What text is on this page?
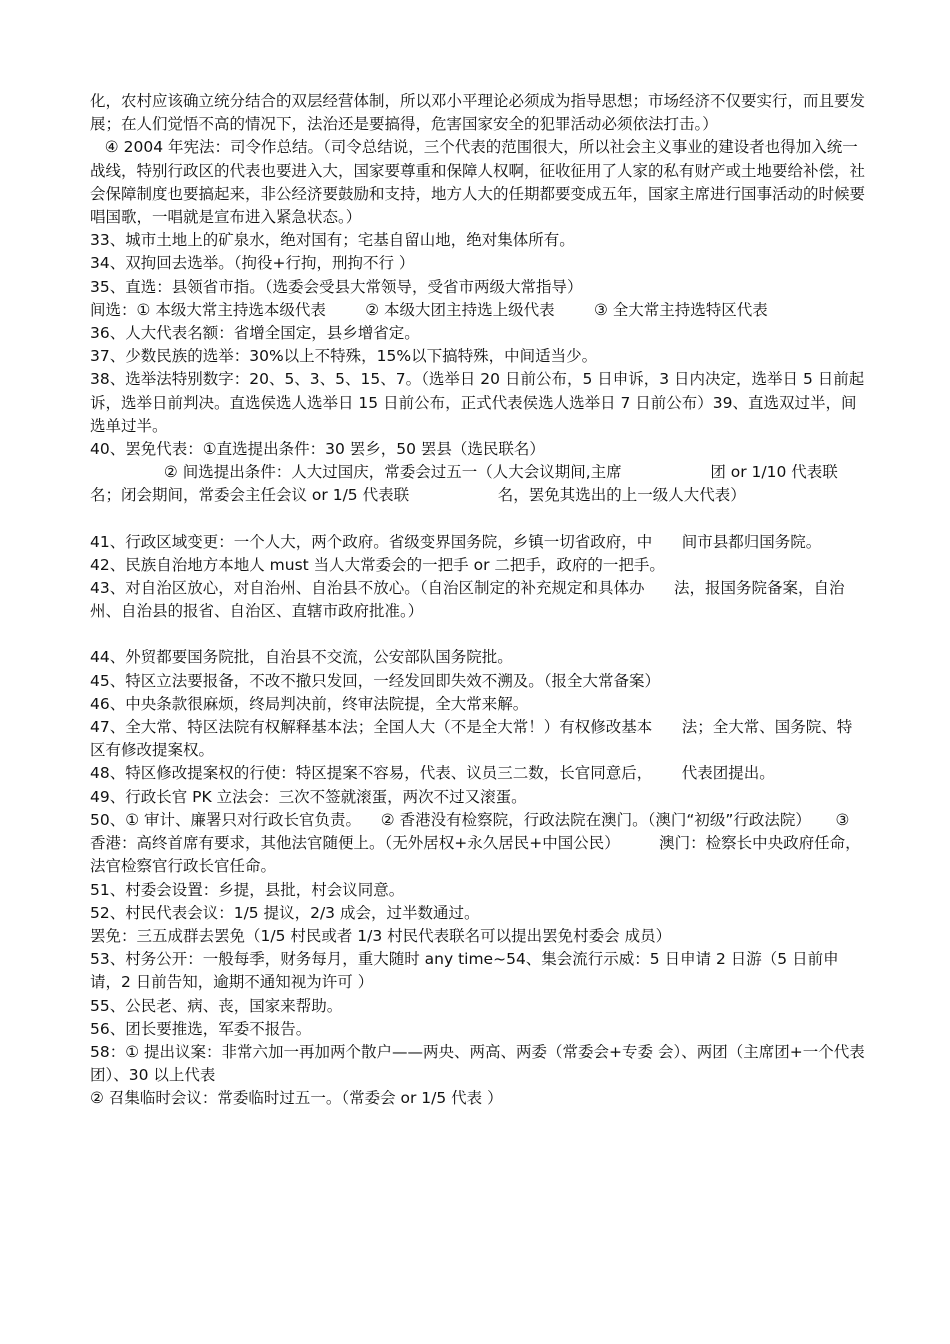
化，农村应该确立统分结合的双层经营体制，所以邓小平理论必须成为指导思想；市场经济不仅要实行，而且要发展；在人们觉悟不高的情况下，法治还是要搞得，危害国家安全的犯罪活动必须依法打击。）

④ 2004 年宪法：司令作总结。（司令总结说，三个代表的范围很大，所以社会主义事业的建设者也得加入统一战线，特别行政区的代表也要进入大，国家要尊重和保障人权啊，征收征用了人家的私有财产或土地要给补偿，社会保障制度也要搞起来，非公经济要鼓励和支持，地方人大的任期都要变成五年，国家主席进行国事活动的时候要唱国歌，一唱就是宣布进入紧急状态。）

33、城市土地上的矿泉水，绝对国有；宅基自留山地，绝对集体所有。

34、双拘回去选举。（拘役+行拘，刑拘不行 ）

35、直选：县领省市指。（选委会受县大常领导，受省市两级大常指导）

间选：① 本级大常主持选本级代表        ② 本级大团主持选上级代表        ③ 全大常主持选特区代表

36、人大代表名额：省增全国定，县乡增省定。

37、少数民族的选举：30%以上不特殊，15%以下搞特殊，中间适当少。

38、选举法特别数字：20、5、3、5、15、7。（选举日 20 日前公布，5 日申诉，3 日内决定，选举日 5 日前起诉，选举日前判决。直选侯选人选举日 15 日前公布，正式代表侯选人选举日 7 日前公布）39、直选双过半，间选单过半。

40、罢免代表：①直选提出条件：30 罢乡，50 罢县（选民联名）

② 间选提出条件：人大过国庆，常委会过五一（人大会议期间,主席                  团 or 1/10 代表联名；闭会期间，常委会主任会议 or 1/5 代表联                  名，罢免其选出的上一级人大代表）

41、行政区域变更：一个人大，两个政府。省级变界国务院，乡镇一切省政府，中      间市县都归国务院。

42、民族自治地方本地人 must 当人大常委会的一把手 or 二把手，政府的一把手。

43、对自治区放心，对自治州、自治县不放心。（自治区制定的补充规定和具体办      法，报国务院备案，自治州、自治县的报省、自治区、直辖市政府批准。）

44、外贸都要国务院批，自治县不交流，公安部队国务院批。

45、特区立法要报备，不改不撤只发回，一经发回即失效不溯及。（报全大常备案）

46、中央条款很麻烦，终局判决前，终审法院提，全大常来解。

47、全大常、特区法院有权解释基本法；全国人大（不是全大常！）有权修改基本      法；全大常、国务院、特区有修改提案权。

48、特区修改提案权的行使：特区提案不容易，代表、议员三二数，长官同意后，      代表团提出。

49、行政长官 PK 立法会：三次不签就滚蛋，两次不过又滚蛋。

50、① 审计、廉署只对行政长官负责。    ② 香港没有检察院，行政法院在澳门。（澳门“初级”行政法院）     ③ 香港：高终首席有要求，其他法官随便上。（无外居权+永久居民+中国公民）        澳门：检察长中央政府任命，法官检察官行政长官任命。

51、村委会设置：乡提，县批，村会议同意。

52、村民代表会议：1/5 提议，2/3 成会，过半数通过。

罢免：三五成群去罢免（1/5 村民或者 1/3 村民代表联名可以提出罢免村委会 成员）

53、村务公开：一般每季，财务每月，重大随时 any time~54、集会流行示威：5 日申请 2 日游（5 日前申请，2 日前告知，逾期不通知视为许可 ）

55、公民老、病、丧，国家来帮助。

56、团长要推选，军委不报告。

58：① 提出议案：非常六加一再加两个散户——两央、两高、两委（常委会+专委 会）、两团（主席团+一个代表团）、30 以上代表

② 召集临时会议：常委临时过五一。（常委会 or 1/5 代表 ）
